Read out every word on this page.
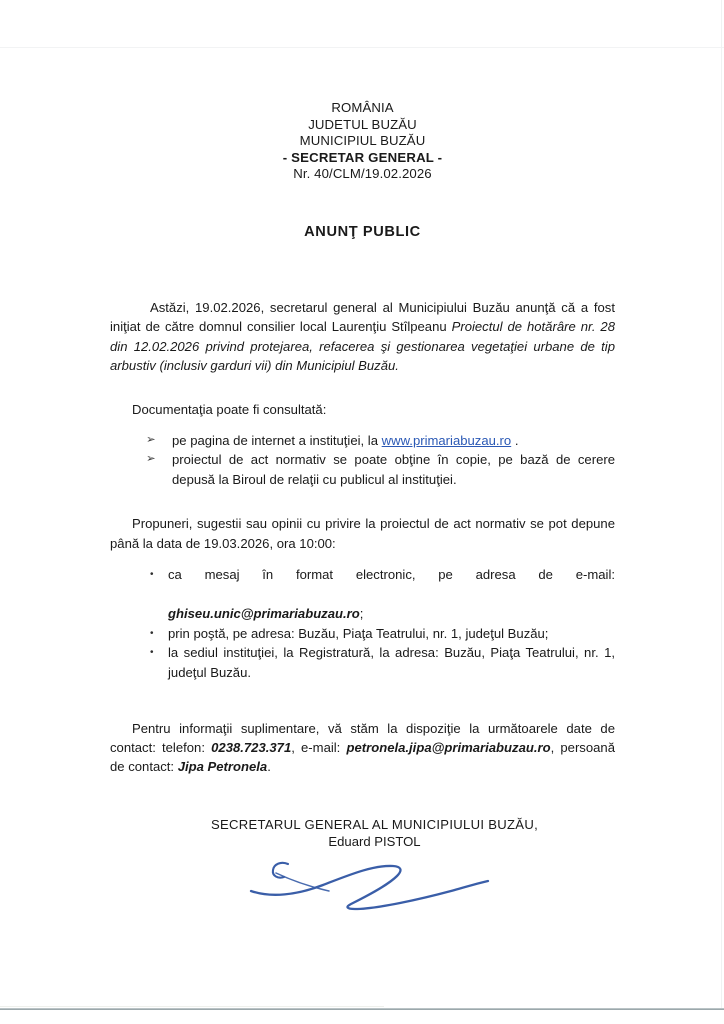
ROMÂNIA
JUDETUL BUZĂU
MUNICIPIUL BUZĂU
- SECRETAR GENERAL -
Nr. 40/CLM/19.02.2026
ANUNŢ PUBLIC

Astăzi, 19.02.2026, secretarul general al Municipiului Buzău anunţă că a fost iniţiat de către domnul consilier local Laurenţiu Stîlpeanu Proiectul de hotărâre nr. 28 din 12.02.2026 privind protejarea, refacerea şi gestionarea vegetaţiei urbane de tip arbustiv (inclusiv garduri vii) din Municipiul Buzău.

Documentaţia poate fi consultată:

➢ pe pagina de internet a instituţiei, la www.primariabuzau.ro .
➢ proiectul de act normativ se poate obţine în copie, pe bază de cerere depusă la Biroul de relaţii cu publicul al instituţiei.

Propuneri, sugestii sau opinii cu privire la proiectul de act normativ se pot depune până la data de 19.03.2026, ora 10:00:

• ca mesaj în format electronic, pe adresa de e-mail:
ghiseu.unic@primariabuzau.ro;
• prin poştă, pe adresa: Buzău, Piaţa Teatrului, nr. 1, judeţul Buzău;
• la sediul instituţiei, la Registratură, la adresa: Buzău, Piaţa Teatrului, nr. 1, judeţul Buzău.

Pentru informaţii suplimentare, vă stăm la dispoziţie la următoarele date de contact: telefon: 0238.723.371, e-mail: petronela.jipa@primariabuzau.ro, persoană de contact: Jipa Petronela.

SECRETARUL GENERAL AL MUNICIPIULUI BUZĂU,
Eduard PISTOL
